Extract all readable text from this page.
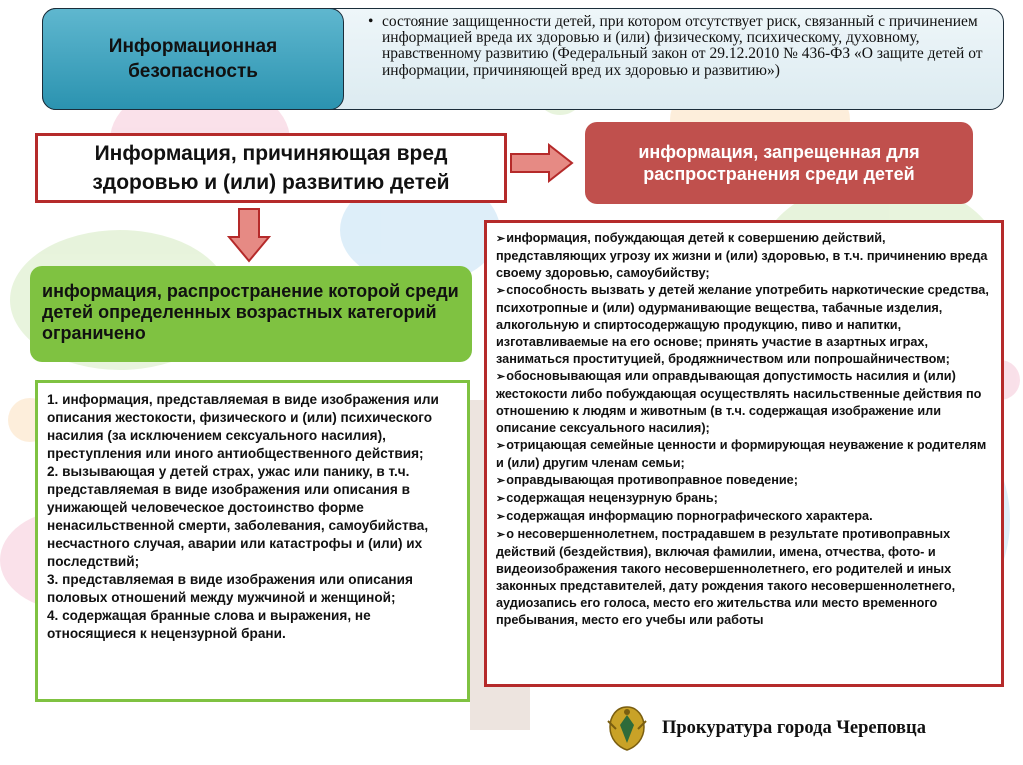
Информационная безопасность
• состояние защищенности детей, при котором отсутствует риск, связанный с причинением информацией вреда их здоровью и (или) физическому, психическому, духовному, нравственному развитию (Федеральный закон от 29.12.2010 № 436-ФЗ «О защите детей от информации, причиняющей вред их здоровью и развитию»)
Информация, причиняющая вред здоровью и (или) развитию детей
информация, запрещенная для распространения среди детей
информация, распространение которой среди детей определенных возрастных категорий ограничено

1. информация, представляемая в виде изображения или описания жестокости, физического и (или) психического насилия (за исключением сексуального насилия), преступления или иного антиобщественного действия;

2. вызывающая у детей страх, ужас или панику, в т.ч. представляемая в виде изображения или описания в унижающей человеческое достоинство форме ненасильственной смерти, заболевания, самоубийства, несчастного случая, аварии или катастрофы и (или) их последствий;

3. представляемая в виде изображения или описания половых отношений между мужчиной и женщиной;

4. содержащая бранные слова и выражения, не относящиеся к нецензурной брани.

➢информация, побуждающая детей к совершению действий, представляющих угрозу их жизни и (или) здоровью, в т.ч. причинению вреда своему здоровью, самоубийству;

➢способность вызвать у детей желание употребить наркотические средства, психотропные и (или) одурманивающие вещества, табачные изделия, алкогольную и спиртосодержащую продукцию, пиво и напитки, изготавливаемые на его основе; принять участие в азартных играх, заниматься проституцией, бродяжничеством или попрошайничеством;

➢обосновывающая или оправдывающая допустимость насилия и (или) жестокости либо побуждающая осуществлять насильственные действия по отношению к людям и животным (в т.ч. содержащая изображение или описание сексуального насилия);

➢отрицающая семейные ценности и формирующая неуважение к родителям и (или) другим членам семьи;

➢оправдывающая противоправное поведение;

➢содержащая нецензурную брань;

➢содержащая информацию порнографического характера.

➢о несовершеннолетнем, пострадавшем в результате противоправных действий (бездействия), включая фамилии, имена, отчества, фото- и видеоизображения такого несовершеннолетнего, его родителей и иных законных представителей, дату рождения такого несовершеннолетнего, аудиозапись его голоса, место его жительства или место временного пребывания, место его учебы или работы

Прокуратура города Череповца
